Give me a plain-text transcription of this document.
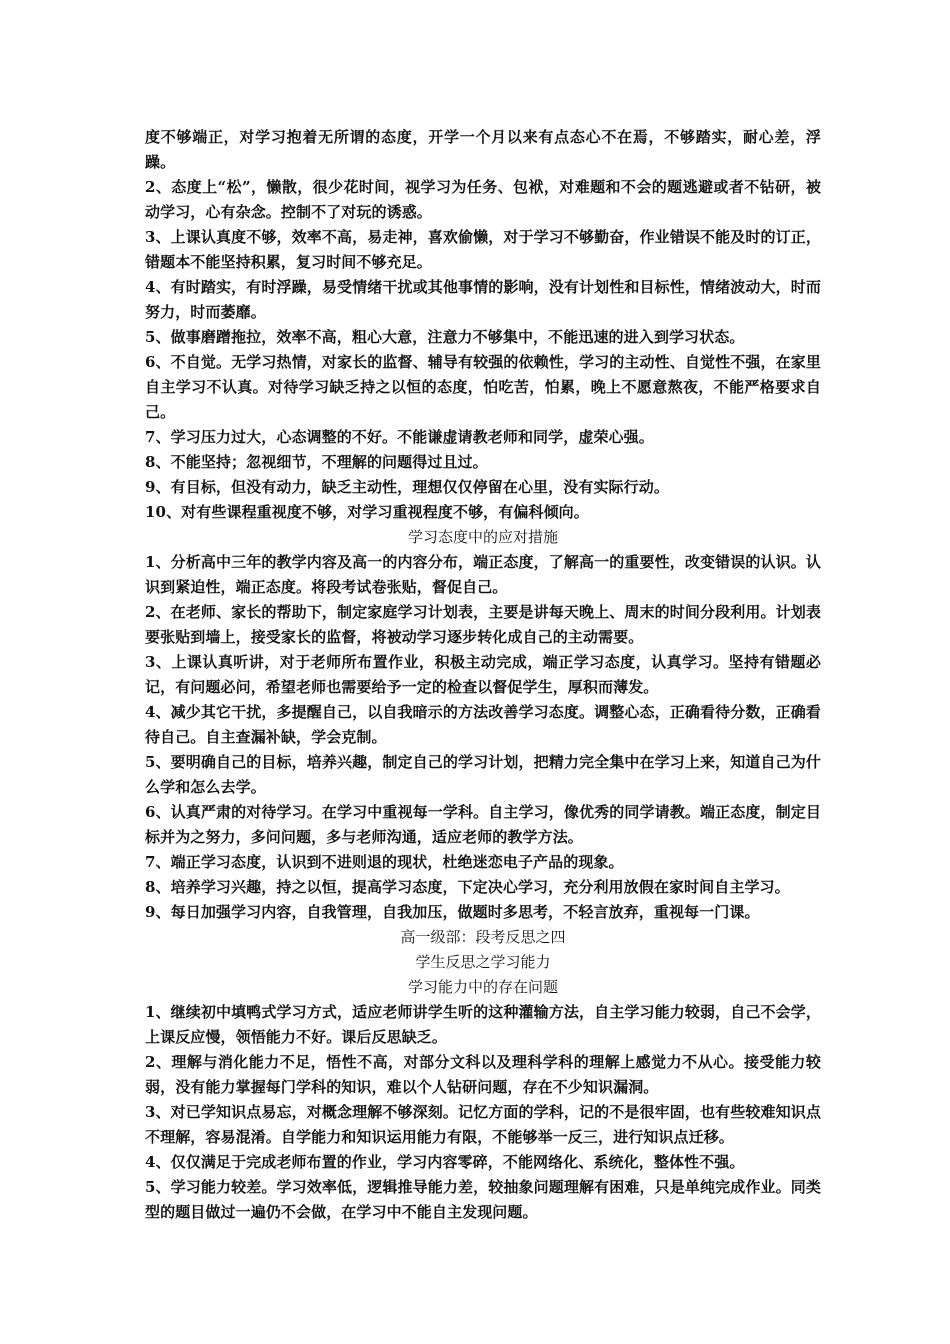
度不够端正，对学习抱着无所谓的态度，开学一个月以来有点态心不在焉，不够踏实，耐心差，浮躁。

2、态度上“松”，懒散，很少花时间，视学习为任务、包袱，对难题和不会的题逃避或者不钻研，被动学习，心有杂念。控制不了对玩的诱惑。

3、上课认真度不够，效率不高，易走神，喜欢偷懒，对于学习不够勤奋，作业错误不能及时的订正，错题本不能坚持积累，复习时间不够充足。

4、有时踏实，有时浮躁，易受情绪干扰或其他事情的影响，没有计划性和目标性，情绪波动大，时而努力，时而萎靡。

5、做事磨蹭拖拉，效率不高，粗心大意，注意力不够集中，不能迅速的进入到学习状态。

6、不自觉。无学习热情，对家长的监督、辅导有较强的依赖性，学习的主动性、自觉性不强，在家里自主学习不认真。对待学习缺乏持之以恒的态度，怕吃苦，怕累，晚上不愿意熬夜，不能严格要求自己。

7、学习压力过大，心态调整的不好。不能谦虚请教老师和同学，虚荣心强。

8、不能坚持；忽视细节，不理解的问题得过且过。

9、有目标，但没有动力，缺乏主动性，理想仅仅停留在心里，没有实际行动。

10、对有些课程重视度不够，对学习重视程度不够，有偏科倾向。

学习态度中的应对措施

1、分析高中三年的教学内容及高一的内容分布，端正态度，了解高一的重要性，改变错误的认识。认识到紧迫性，端正态度。将段考试卷张贴，督促自己。

2、在老师、家长的帮助下，制定家庭学习计划表，主要是讲每天晚上、周末的时间分段利用。计划表要张贴到墙上，接受家长的监督，将被动学习逐步转化成自己的主动需要。

3、上课认真听讲，对于老师所布置作业，积极主动完成，端正学习态度，认真学习。坚持有错题必记，有问题必问，希望老师也需要给予一定的检查以督促学生，厚积而薄发。

4、减少其它干扰，多提醒自己，以自我暗示的方法改善学习态度。调整心态，正确看待分数，正确看待自己。自主查漏补缺，学会克制。

5、要明确自己的目标，培养兴趣，制定自己的学习计划，把精力完全集中在学习上来，知道自己为什么学和怎么去学。

6、认真严肃的对待学习。在学习中重视每一学科。自主学习，像优秀的同学请教。端正态度，制定目标并为之努力，多问问题，多与老师沟通，适应老师的教学方法。

7、端正学习态度，认识到不进则退的现状，杜绝迷恋电子产品的现象。

8、培养学习兴趣，持之以恒，提高学习态度，下定决心学习，充分利用放假在家时间自主学习。

9、每日加强学习内容，自我管理，自我加压，做题时多思考，不轻言放弃，重视每一门课。

高一级部：段考反思之四

学生反思之学习能力

学习能力中的存在问题

1、继续初中填鸭式学习方式，适应老师讲学生听的这种灌输方法，自主学习能力较弱，自己不会学，上课反应慢，领悟能力不好。课后反思缺乏。

2、理解与消化能力不足，悟性不高，对部分文科以及理科学科的理解上感觉力不从心。接受能力较弱，没有能力掌握每门学科的知识，难以个人钻研问题，存在不少知识漏洞。

3、对已学知识点易忘，对概念理解不够深刻。记忆方面的学科，记的不是很牢固，也有些较难知识点不理解，容易混淆。自学能力和知识运用能力有限，不能够举一反三，进行知识点迁移。

4、仅仅满足于完成老师布置的作业，学习内容零碎，不能网络化、系统化，整体性不强。

5、学习能力较差。学习效率低，逻辑推导能力差，较抽象问题理解有困难，只是单纯完成作业。同类型的题目做过一遍仍不会做，在学习中不能自主发现问题。
